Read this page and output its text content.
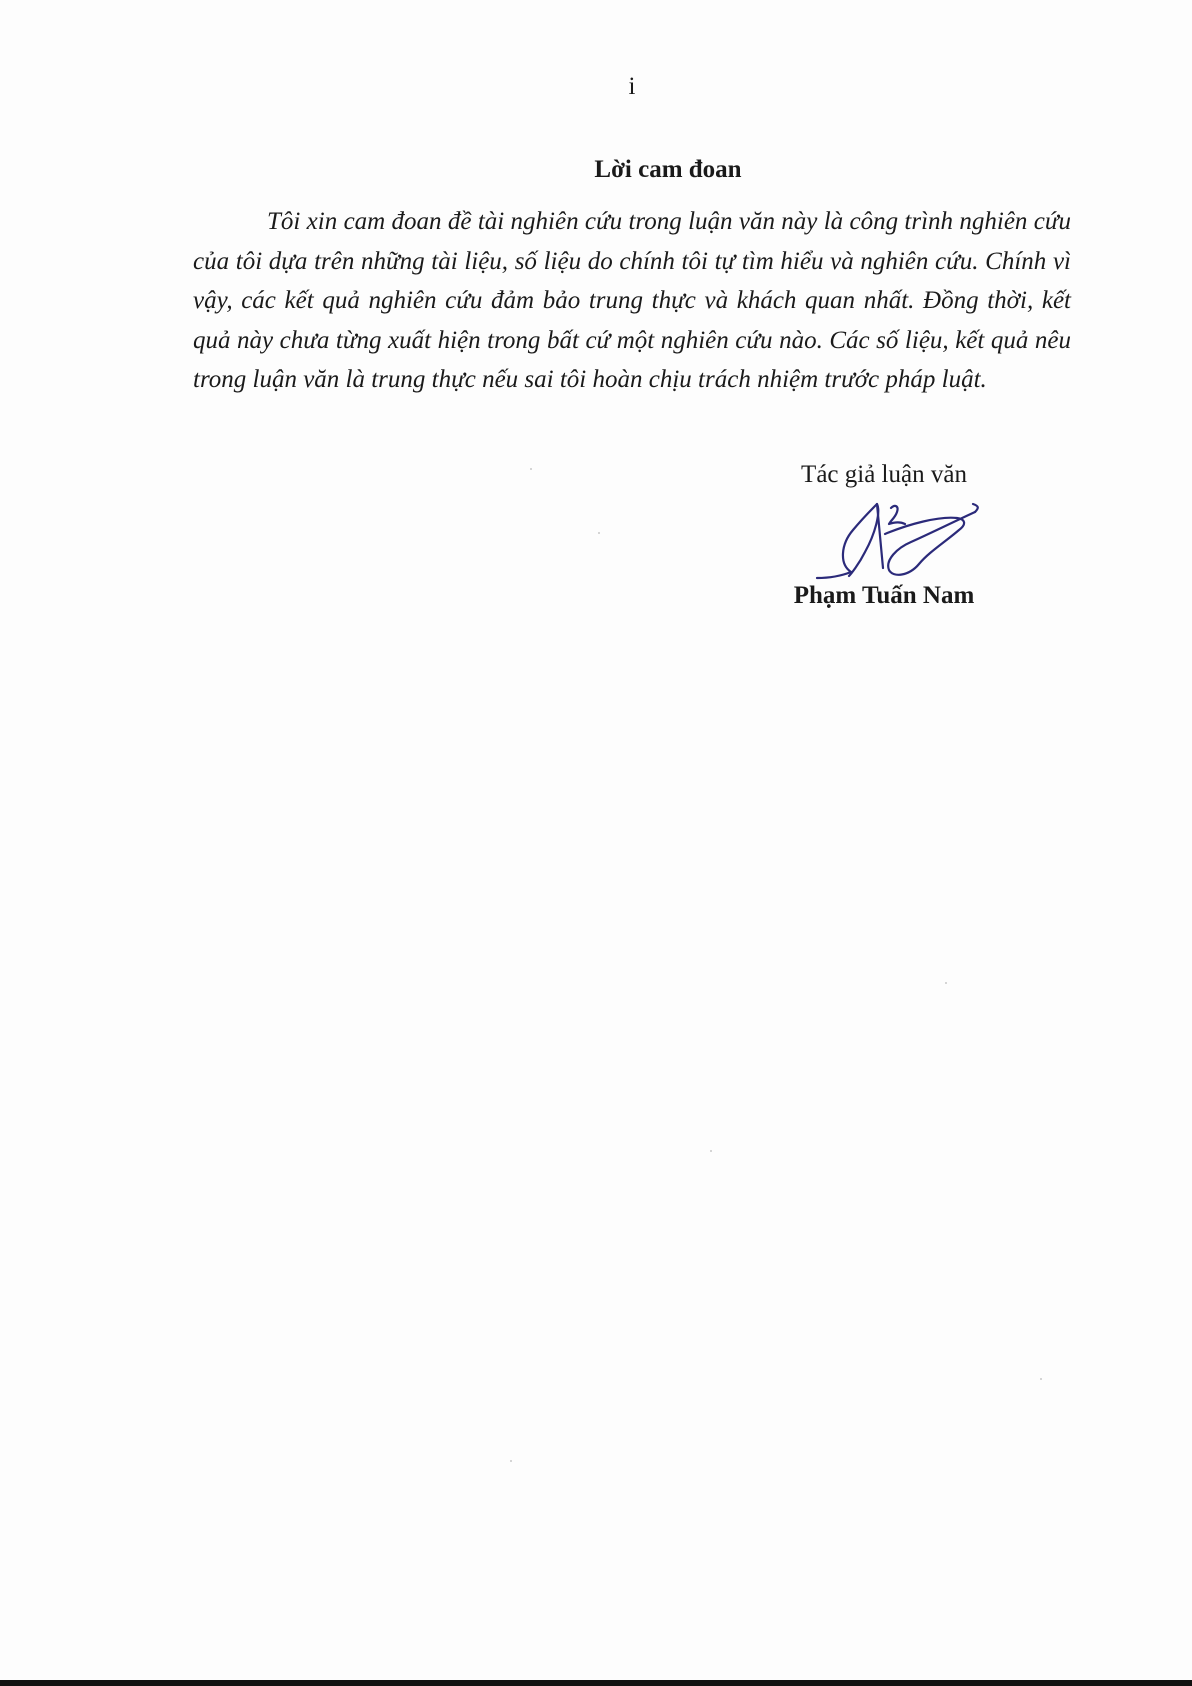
i
Lời cam đoan

Tôi xin cam đoan đề tài nghiên cứu trong luận văn này là công trình nghiên cứu của tôi dựa trên những tài liệu, số liệu do chính tôi tự tìm hiểu và nghiên cứu. Chính vì vậy, các kết quả nghiên cứu đảm bảo trung thực và khách quan nhất. Đồng thời, kết quả này chưa từng xuất hiện trong bất cứ một nghiên cứu nào. Các số liệu, kết quả nêu trong luận văn là trung thực nếu sai tôi hoàn chịu trách nhiệm trước pháp luật.

Tác giả luận văn
Phạm Tuấn Nam
